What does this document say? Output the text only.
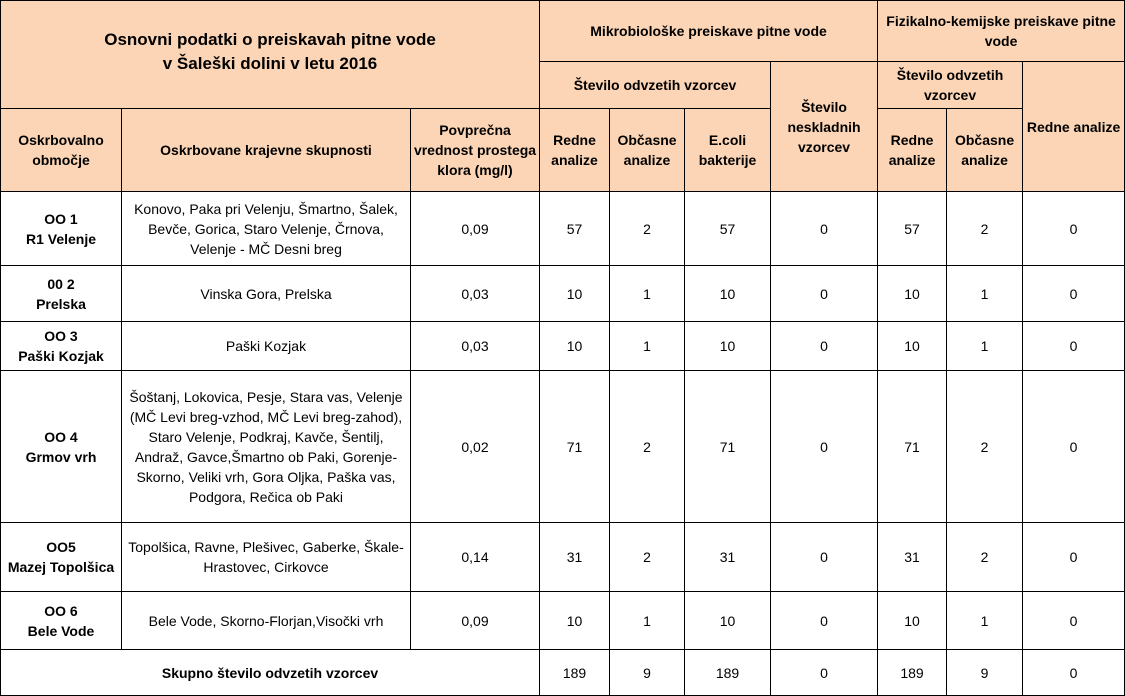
Osnovni podatki o preiskavah pitne vode
v Šaleški dolini v letu 2016			Mikrobiološke preiskave pitne vode				Fizikalno-kemijske preiskave pitne vode		
			Število odvzetih vzorcev			Število neskladnih vzorcev	Število odvzetih vzorcev		Redne analize
Oskrbovalno območje	Oskrbovane krajevne skupnosti	Povprečna vrednost prostega klora (mg/l)	Redne analize	Občasne analize	E.coli bakterije		Redne analize	Občasne analize	

OO 1
R1 Velenje	Konovo, Paka pri Velenju, Šmartno, Šalek, Bevče, Gorica, Staro Velenje, Črnova, Velenje - MČ Desni breg	0,09	57	2	57	0	57	2	0

00 2
Prelska	Vinska Gora, Prelska	0,03	10	1	10	0	10	1	0

OO 3
Paški Kozjak	Paški Kozjak	0,03	10	1	10	0	10	1	0

OO 4
Grmov vrh	Šoštanj, Lokovica, Pesje, Stara vas, Velenje (MČ Levi breg-vzhod, MČ Levi breg-zahod), Staro Velenje, Podkraj, Kavče, Šentilj, Andraž, Gavce,Šmartno ob Paki, Gorenje-Skorno, Veliki vrh, Gora Oljka, Paška vas, Podgora, Rečica ob Paki	0,02	71	2	71	0	71	2	0

OO5
Mazej Topolšica	Topolšica, Ravne, Plešivec, Gaberke, Škale-Hrastovec, Cirkovce	0,14	31	2	31	0	31	2	0

OO 6
Bele Vode	Bele Vode, Skorno-Florjan,Visočki vrh	0,09	10	1	10	0	10	1	0
Skupno število odvzetih vzorcev			189	9	189	0	189	9	0
